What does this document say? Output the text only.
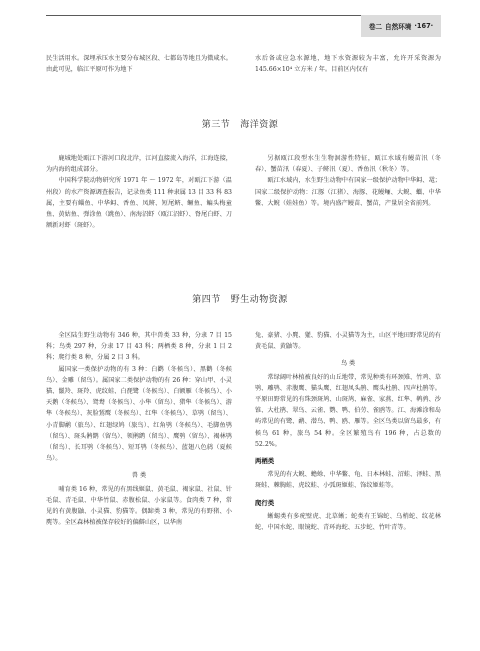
卷二 自然环境 ·167·

民生活用水。深埋承压水主要分布城区段、七都岛等地且为微咸水。由此可见，临江平原可作为地下

水后备或应急水源地，地下水资源较为丰富，允许开采资源为 145.66×10⁴ 立方米 / 年。目前区内仅有

第三节 海洋资源

鹿城地处瓯江下游河口段北岸，江河直接流入海洋，江海连接，为内海的组成部分。

中国科学院动物研究所 1971 年 ～ 1972 年，对瓯江下游（温州段）的水产资源调查报告，记录鱼类 111 种隶属 13 目 33 科 83 属，主要有鲻鱼、中华鲟、香鱼、凤鲚、短尾鲚、鳜鱼、鳊头梅童鱼、黄姑鱼、弹涂鱼（跳鱼）、南海沼虾（瓯江沼虾）、脊尾白虾、刀额新对虾（斑虾）。

另据瓯江段型水生生物洄游性特征，瓯江水域有鳗苗汛（冬春）、蟹苗汛（春夏）、子鲚汛（夏）、香鱼汛（秋冬）等。

瓯江水域内，水生野生动物中有国家一级保护动物中华鲟、鼋；国家二级保护动物：江豚（江猪）、海豚、花鳗鲡、大鲵、蠵、中华鳖、大鲵（娃娃鱼）等。境内盛产鳗苗、蟹苗，产量居全省前列。

第四节 野生动物资源

全区陆生野生动物有 346 种，其中兽类 33 种，分隶 7 目 15 科；鸟类 297 种，分隶 17 目 43 科；两栖类 8 种，分隶 1 目 2 科；爬行类 8 种，分属 2 目 3 科。

属国家一类保护动物的有 3 种：白鹳（冬候鸟）、黑鹳（冬候鸟）、金雕（留鸟）。属国家二类保护动物的有 26 种：穿山甲、小灵猫、鬣羚、斑羚、虎纹蛙、白琵鹭（冬候鸟）、白额雁（冬候鸟）、小天鹅（冬候鸟）、鸳鸯（冬候鸟）、小隼（留鸟）、猎隼（冬候鸟）、游隼（冬候鸟）、灰脸鵟鹰（冬候鸟）、红隼（冬候鸟）、草鸮（留鸟）、小青脚鹬（旅鸟）、红翅绿鸠（旅鸟）、红角鸮（冬候鸟）、毛脚鱼鸮（留鸟）、斑头鸺鹠（留鸟）、领鸺鹠（留鸟）、鹰鸮（留鸟）、褐林鸮（留鸟）、长耳鸮（冬候鸟）、短耳鸮（冬候鸟）、蓝翅八色鸫（夏候鸟）。

兽 类

哺育类 16 种，常见的有黑线姬鼠、黄毛鼠、褐家鼠、社鼠、针毛鼠、青毛鼠、中华竹鼠、赤腹松鼠、小家鼠等。食肉类 7 种，常见的有黄腹鼬、小灵猫、豹猫等。偶蹄类 3 种，常见的有野猪、小麂等。全区森林植被保存较好的偏僻山区，以华南

兔、豪猪、小麂、獾、豹猫、小灵猫等为主，山区平地田野常见的有黄毛鼠、黄鼬等。

鸟 类

常绿阔叶林植被良好的山丘地带，常见种类有环颈雉、竹鸡、草鸮、雕鸮、赤腹鹰、猫头鹰、红翅凤头鹃、鹰头杜鹃、四声杜鹃等。平原田野常见的有珠颈斑鸠、山斑鸠、麻雀、家燕、红隼、鹌鹑、沙锥、大杜鹃、翠鸟、云雀、鹦、鸭、伯劳、雀鸥等。江、海滩涂和岛屿常见的有鹭、鹬、潜鸟、鸭、鸥、雁等。全区鸟类以留鸟最多，有候鸟 61 种，旅鸟 54 种。全区繁殖鸟有 196 种，占总数的 52.2%。

两栖类

常见的有大鲵、蟾蜍、中华鳖、龟、日本林蛙、沼蛙、泽蛙、黑斑蛙、棘胸蛙、虎纹蛙、小弧斑姬蛙、饰纹姬蛙等。

爬行类

蜥蜴类有多疣壁虎、北草蜥；蛇类有王锦蛇、乌梢蛇、纹花林蛇、中国水蛇、眼镜蛇、青环海蛇、五步蛇、竹叶青等。
